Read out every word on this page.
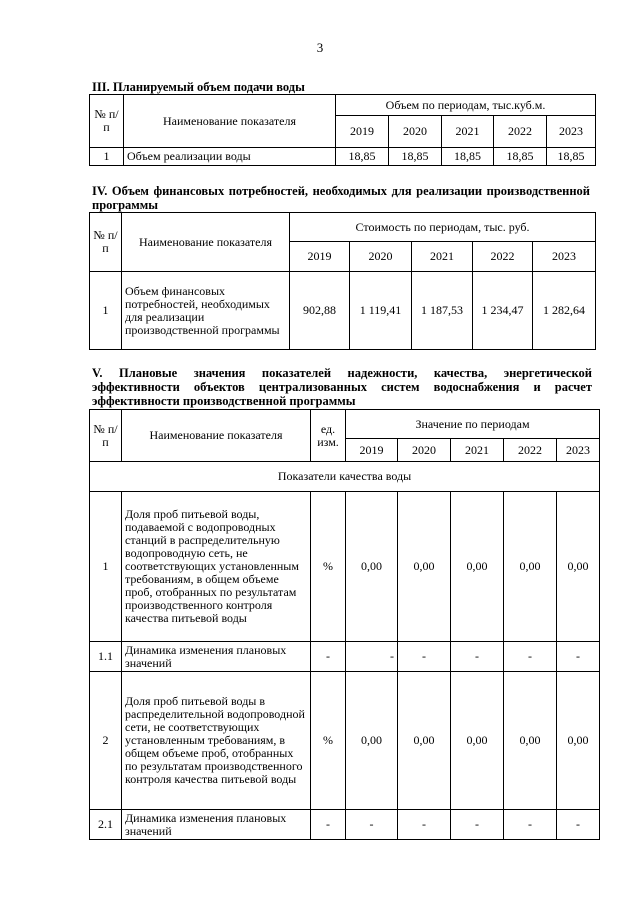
3
III. Планируемый объем подачи воды
№ п/п	Наименование показателя	Объем по периодам, тыс.куб.м.				
		2019	2020	2021	2022	2023
1	Объем реализации воды	18,85	18,85	18,85	18,85	18,85
IV. Объем финансовых потребностей, необходимых для реализации производственной программы
№ п/п	Наименование показателя	Стоимость по периодам, тыс. руб.				
		2019	2020	2021	2022	2023
1	Объем финансовых потребностей, необходимых для реализации производственной программы	902,88	1 119,41	1 187,53	1 234,47	1 282,64
V. Плановые значения показателей надежности, качества, энергетической эффективности объектов централизованных систем водоснабжения и расчет эффективности производственной программы
№ п/п	Наименование показателя	ед. изм.	Значение по периодам				
			2019	2020	2021	2022	2023
Показатели качества воды							
1	Доля проб питьевой воды, подаваемой с водопроводных станций в распределительную водопроводную сеть, не соответствующих установленным требованиям, в общем объеме проб, отобранных по результатам производственного контроля качества питьевой воды	%	0,00	0,00	0,00	0,00	0,00
1.1	Динамика изменения плановых значений	-	-	-	-	-	-
2	Доля проб питьевой воды в распределительной водопроводной сети, не соответствующих установленным требованиям, в общем объеме проб, отобранных по результатам производственного контроля качества питьевой воды	%	0,00	0,00	0,00	0,00	0,00
2.1	Динамика изменения плановых значений	-	-	-	-	-	-
